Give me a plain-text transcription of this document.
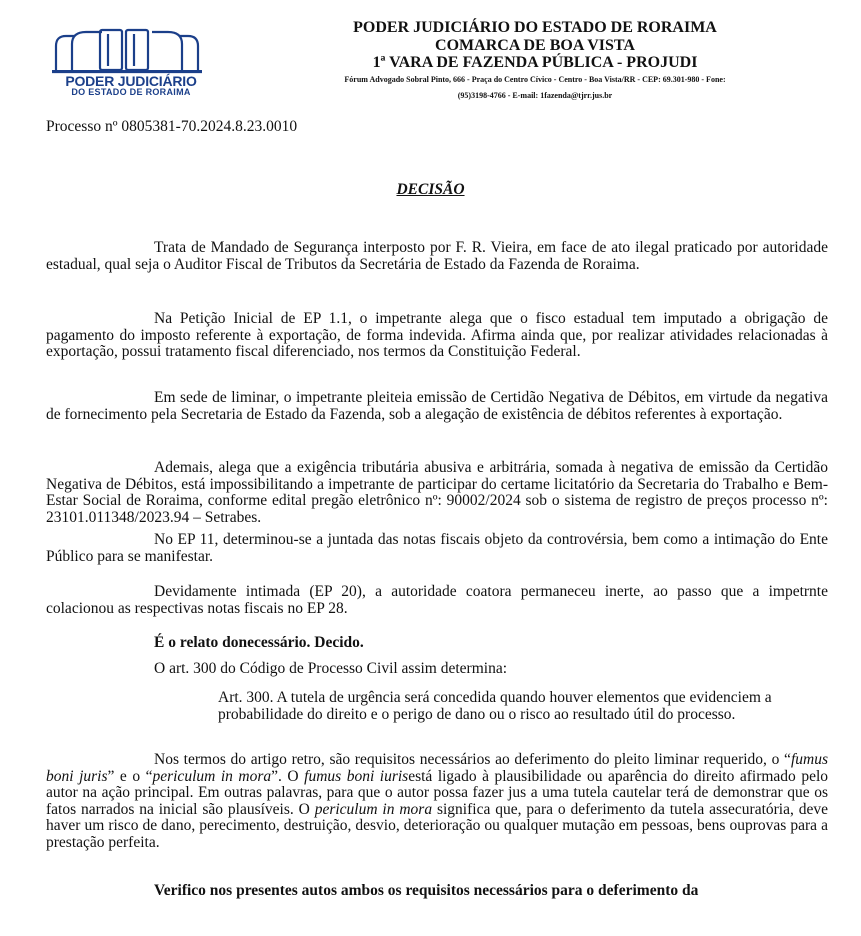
PODER JUDICIÁRIO
DO ESTADO DE RORAIMA
PODER JUDICIÁRIO DO ESTADO DE RORAIMA
COMARCA DE BOA VISTA
1ª VARA DE FAZENDA PÚBLICA - PROJUDI
Fórum Advogado Sobral Pinto, 666 - Praça do Centro Cívico - Centro - Boa Vista/RR - CEP: 69.301-980 - Fone:
(95)3198-4766 - E-mail: 1fazenda@tjrr.jus.br
Processo nº 0805381-70.2024.8.23.0010
DECISÃO
Trata de Mandado de Segurança interposto por F. R. Vieira, em face de ato ilegal praticado por autoridade estadual, qual seja o Auditor Fiscal de Tributos da Secretária de Estado da Fazenda de Roraima.
Na Petição Inicial de EP 1.1, o impetrante alega que o fisco estadual tem imputado a obrigação de pagamento do imposto referente à exportação, de forma indevida. Afirma ainda que, por realizar atividades relacionadas à exportação, possui tratamento fiscal diferenciado, nos termos da Constituição Federal.
Em sede de liminar, o impetrante pleiteia emissão de Certidão Negativa de Débitos, em virtude da negativa de fornecimento pela Secretaria de Estado da Fazenda, sob a alegação de existência de débitos referentes à exportação.
Ademais, alega que a exigência tributária abusiva e arbitrária, somada à negativa de emissão da Certidão Negativa de Débitos, está impossibilitando a impetrante de participar do certame licitatório da Secretaria do Trabalho e Bem-Estar Social de Roraima, conforme edital pregão eletrônico nº: 90002/2024 sob o sistema de registro de preços processo nº: 23101.011348/2023.94 – Setrabes.
No EP 11, determinou-se a juntada das notas fiscais objeto da controvérsia, bem como a intimação do Ente Público para se manifestar.
Devidamente intimada (EP 20), a autoridade coatora permaneceu inerte, ao passo que a impetrnte colacionou as respectivas notas fiscais no EP 28.
É o relato donecessário. Decido.
O art. 300 do Código de Processo Civil assim determina:
Art. 300. A tutela de urgência será concedida quando houver elementos que evidenciem a probabilidade do direito e o perigo de dano ou o risco ao resultado útil do processo.
Nos termos do artigo retro, são requisitos necessários ao deferimento do pleito liminar requerido, o “fumus boni juris” e o “periculum in mora”. O fumus boni iurisestá ligado à plausibilidade ou aparência do direito afirmado pelo autor na ação principal. Em outras palavras, para que o autor possa fazer jus a uma tutela cautelar terá de demonstrar que os fatos narrados na inicial são plausíveis. O periculum in mora significa que, para o deferimento da tutela assecuratória, deve haver um risco de dano, perecimento, destruição, desvio, deterioração ou qualquer mutação em pessoas, bens ouprovas para a prestação perfeita.
Verifico nos presentes autos ambos os requisitos necessários para o deferimento da
